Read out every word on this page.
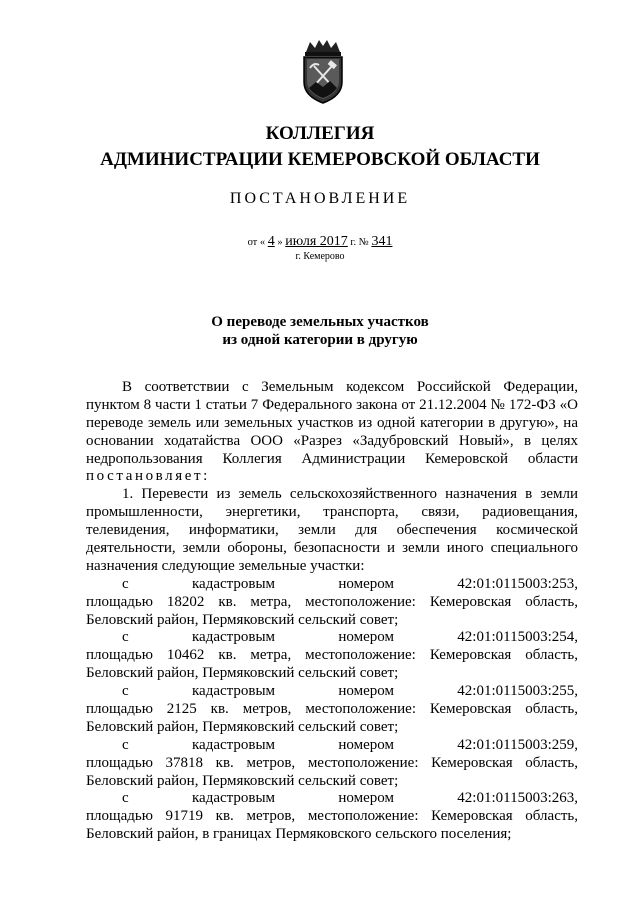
КОЛЛЕГИЯ
АДМИНИСТРАЦИИ КЕМЕРОВСКОЙ ОБЛАСТИ
ПОСТАНОВЛЕНИЕ
от « 4 » июля 2017 г. № 341
г. Кемерово
О переводе земельных участков
из одной категории в другую
В соответствии с Земельным кодексом Российской Федерации,
пунктом 8 части 1 статьи 7 Федерального закона от 21.12.2004 № 172-ФЗ «О
переводе земель или земельных участков из одной категории в другую», на
основании ходатайства ООО «Разрез «Задубровский Новый», в целях
недропользования Коллегия Администрации Кемеровской области
постановляет:
1. Перевести из земель сельскохозяйственного назначения в земли
промышленности, энергетики, транспорта, связи, радиовещания,
телевидения, информатики, земли для обеспечения космической
деятельности, земли обороны, безопасности и земли иного специального
назначения следующие земельные участки:
с кадастровым номером 42:01:0115003:253,
площадью 18202 кв. метра, местоположение: Кемеровская область,
Беловский район, Пермяковский сельский совет;
с кадастровым номером 42:01:0115003:254,
площадью 10462 кв. метра, местоположение: Кемеровская область,
Беловский район, Пермяковский сельский совет;
с кадастровым номером 42:01:0115003:255,
площадью 2125 кв. метров, местоположение: Кемеровская область,
Беловский район, Пермяковский сельский совет;
с кадастровым номером 42:01:0115003:259,
площадью 37818 кв. метров, местоположение: Кемеровская область,
Беловский район, Пермяковский сельский совет;
с кадастровым номером 42:01:0115003:263,
площадью 91719 кв. метров, местоположение: Кемеровская область,
Беловский район, в границах Пермяковского сельского поселения;
